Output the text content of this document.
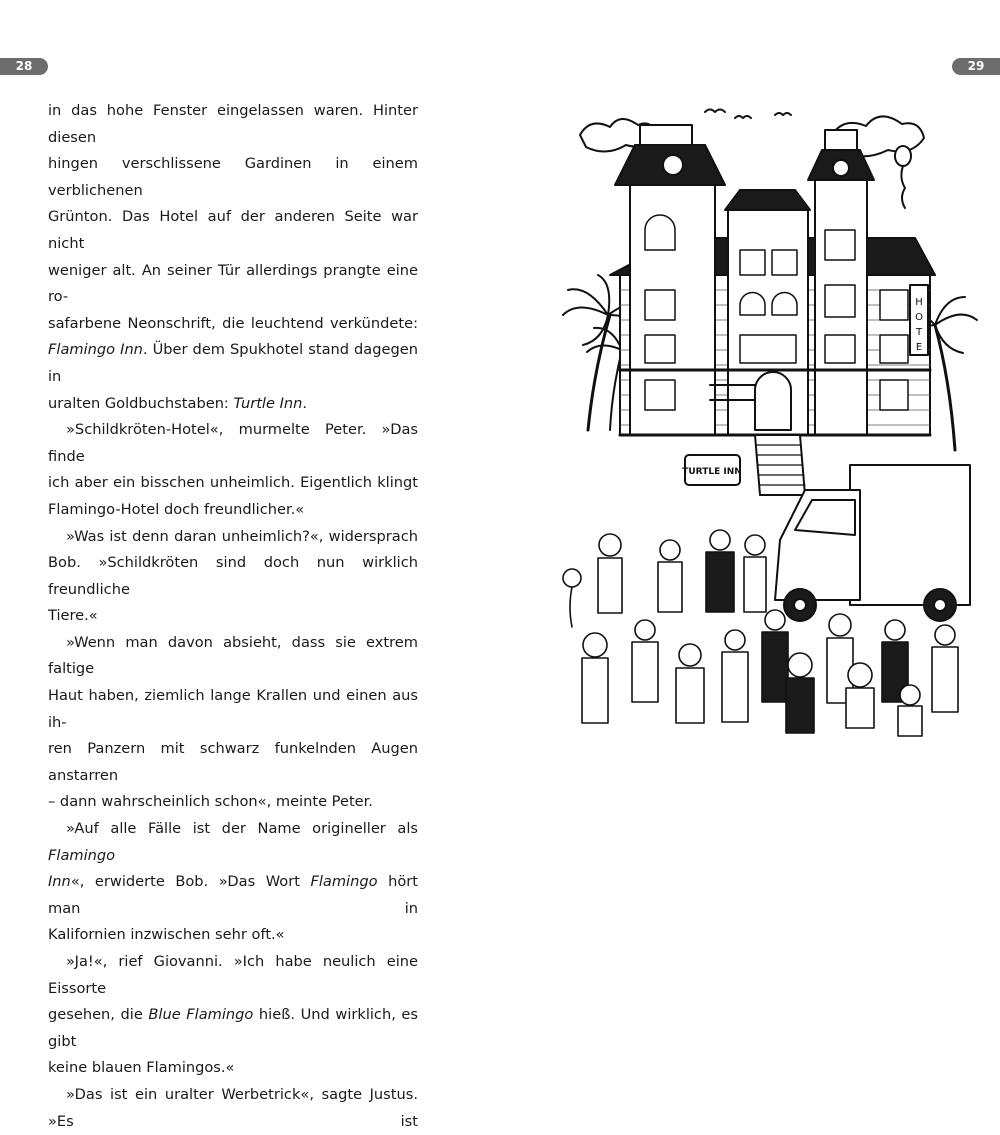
28	29

in das hohe Fenster eingelassen waren. Hinter diesen

hingen verschlissene Gardinen in einem verblichenen

Grünton. Das Hotel auf der anderen Seite war nicht

weniger alt. An seiner Tür allerdings prangte eine ro-

safarbene Neonschrift, die leuchtend verkündete:

Flamingo Inn. Über dem Spukhotel stand dagegen in

uralten Goldbuchstaben: Turtle Inn.

»Schildkröten-Hotel«, murmelte Peter. »Das finde

ich aber ein bisschen unheimlich. Eigentlich klingt

Flamingo-Hotel doch freundlicher.«

»Was ist denn daran unheimlich?«, widersprach

Bob. »Schildkröten sind doch nun wirklich freundliche

Tiere.«

»Wenn man davon absieht, dass sie extrem faltige

Haut haben, ziemlich lange Krallen und einen aus ih-

ren Panzern mit schwarz funkelnden Augen anstarren

– dann wahrscheinlich schon«, meinte Peter.

»Auf alle Fälle ist der Name origineller als Flamingo

Inn«, erwiderte Bob. »Das Wort Flamingo hört man in

Kalifornien inzwischen sehr oft.«

»Ja!«, rief Giovanni. »Ich habe neulich eine Eissorte

gesehen, die Blue Flamingo hieß. Und wirklich, es gibt

keine blauen Flamingos.«

»Das ist ein uralter Werbetrick«, sagte Justus. »Es ist

H
O
T
E
TURTLE INN
